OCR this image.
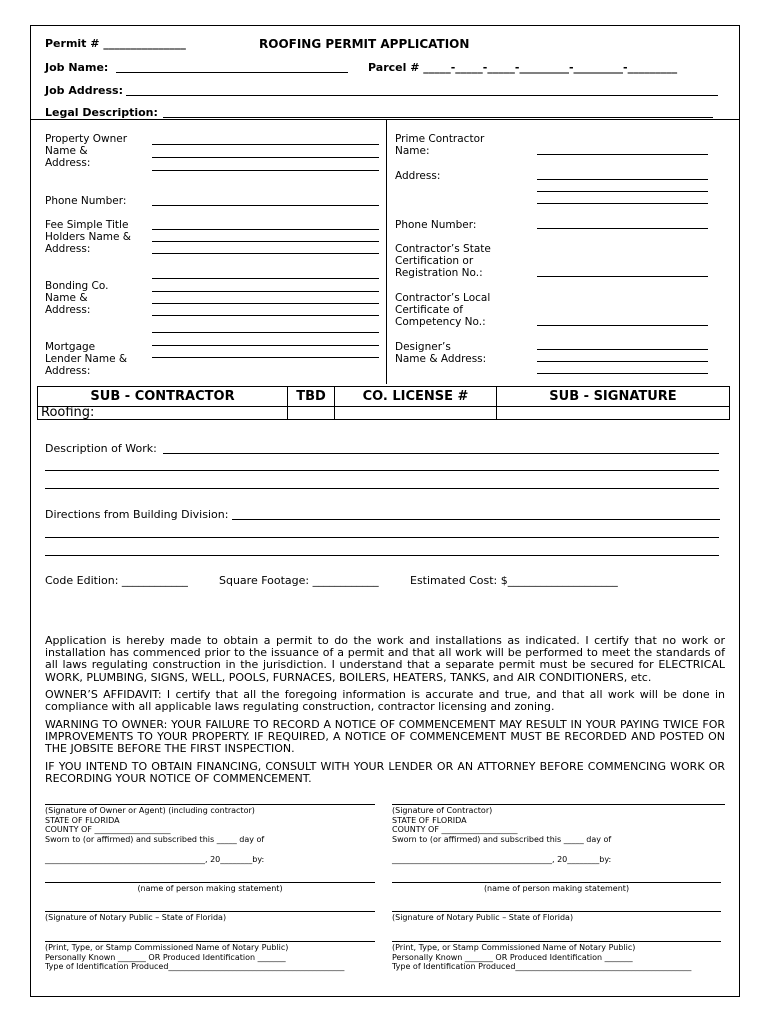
Permit # _______________	ROOFING PERMIT APPLICATION
Job Name:	Parcel # _____-_____-_____-_________-_________-_________
Job Address:
Legal Description:
Property Owner
Name &
Address:
Phone Number:
Fee Simple Title
Holders Name &
Address:
Bonding Co.
Name &
Address:
Mortgage
Lender Name &
Address:
Prime Contractor
Name:
Address:
Phone Number:
Contractor’s State
Certification or
Registration No.:
Contractor’s Local
Certificate of
Competency No.:
Designer’s
Name & Address:
SUB - CONTRACTOR	TBD	CO. LICENSE #	SUB - SIGNATURE
Roofing:
Description of Work:
Directions from Building Division:
Code Edition: ____________	Square Footage: ____________	Estimated Cost: $____________________

Application is hereby made to obtain a permit to do the work and installations as indicated. I certify that no work or installation has commenced prior to the issuance of a permit and that all work will be performed to meet the standards of all laws regulating construction in the jurisdiction. I understand that a separate permit must be secured for ELECTRICAL WORK, PLUMBING, SIGNS, WELL, POOLS, FURNACES, BOILERS, HEATERS, TANKS, and AIR CONDITIONERS, etc.

OWNER’S AFFIDAVIT: I certify that all the foregoing information is accurate and true, and that all work will be done in compliance with all applicable laws regulating construction, contractor licensing and zoning.

WARNING TO OWNER: YOUR FAILURE TO RECORD A NOTICE OF COMMENCEMENT MAY RESULT IN YOUR PAYING TWICE FOR IMPROVEMENTS TO YOUR PROPERTY. IF REQUIRED, A NOTICE OF COMMENCEMENT MUST BE RECORDED AND POSTED ON THE JOBSITE BEFORE THE FIRST INSPECTION.

IF YOU INTEND TO OBTAIN FINANCING, CONSULT WITH YOUR LENDER OR AN ATTORNEY BEFORE COMMENCING WORK OR RECORDING YOUR NOTICE OF COMMENCEMENT.

(Signature of Owner or Agent) (including contractor)
STATE OF FLORIDA
COUNTY OF ___________________
Sworn to (or affirmed) and subscribed this _____ day of
________________________________________, 20________by:
(name of person making statement)
(Signature of Notary Public – State of Florida)
(Print, Type, or Stamp Commissioned Name of Notary Public)
Personally Known _______ OR Produced Identification _______
Type of Identification Produced____________________________________________
(Signature of Contractor)
STATE OF FLORIDA
COUNTY OF ___________________
Sworn to (or affirmed) and subscribed this _____ day of
________________________________________, 20________by:
(name of person making statement)
(Signature of Notary Public – State of Florida)
(Print, Type, or Stamp Commissioned Name of Notary Public)
Personally Known _______ OR Produced Identification _______
Type of Identification Produced____________________________________________
